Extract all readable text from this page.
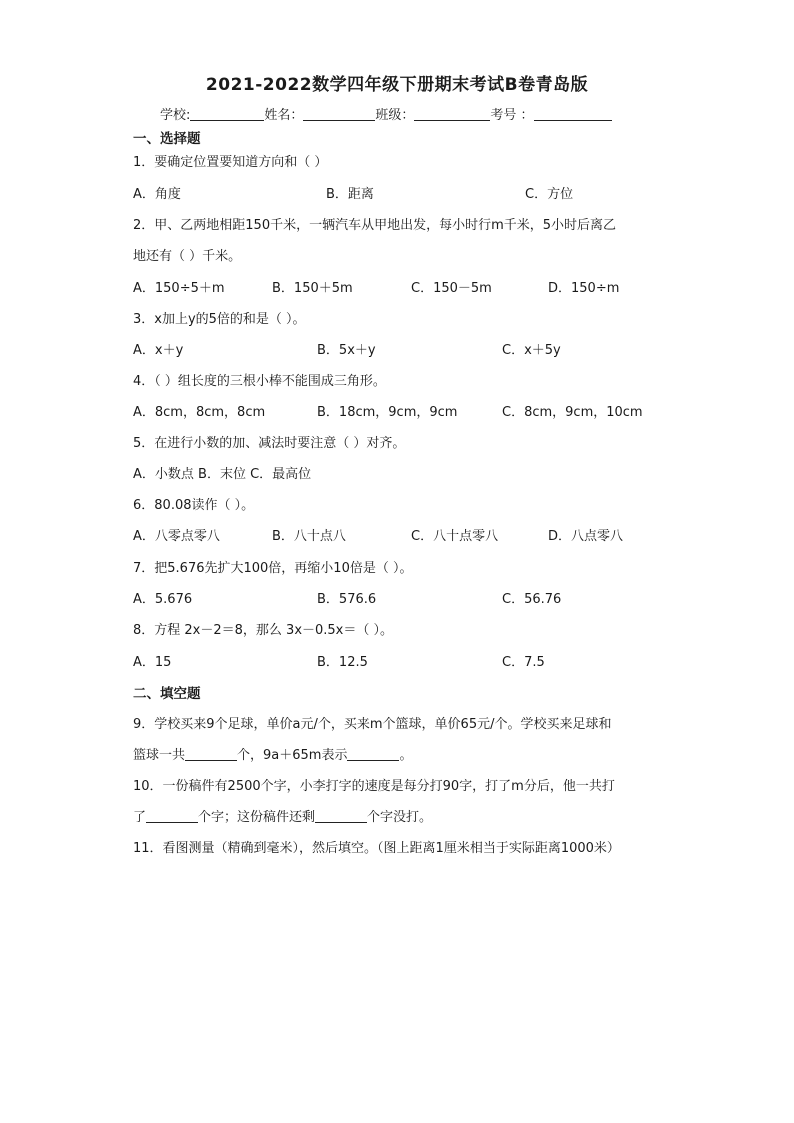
2021-2022数学四年级下册期末考试B卷青岛版
学校:	姓名：	班级：	考号 ：
一、选择题
1．要确定位置要知道方向和（ ）
A．角度	B．距离	C．方位
2．甲、乙两地相距150千米，一辆汽车从甲地出发，每小时行m千米，5小时后离乙
地还有（ ）千米。
A．150÷5＋m	B．150＋5m	C．150－5m	D．150÷m
3．x加上y的5倍的和是（ ）。
A．x＋y	B．5x＋y	C．x＋5y
4．（ ）组长度的三根小棒不能围成三角形。
A．8cm，8cm，8cm	B．18cm，9cm，9cm	C．8cm，9cm，10cm
5．在进行小数的加、减法时要注意（ ）对齐。
A．小数点 B．末位 C．最高位
6．80.08读作（ ）。
A．八零点零八	B．八十点八	C．八十点零八	D．八点零八
7．把5.676先扩大100倍，再缩小10倍是（ ）。
A．5.676	B．576.6	C．56.76
8．方程 2x－2＝8，那么 3x－0.5x＝（ ）。
A．15	B．12.5	C．7.5
二、填空题
9．学校买来9个足球，单价a元/个，买来m个篮球，单价65元/个。学校买来足球和
篮球一共	个，9a＋65m表示	。
10．一份稿件有2500个字，小李打字的速度是每分打90字，打了m分后，他一共打
了	个字；这份稿件还剩	个字没打。
11．看图测量（精确到毫米），然后填空。（图上距离1厘米相当于实际距离1000米）
